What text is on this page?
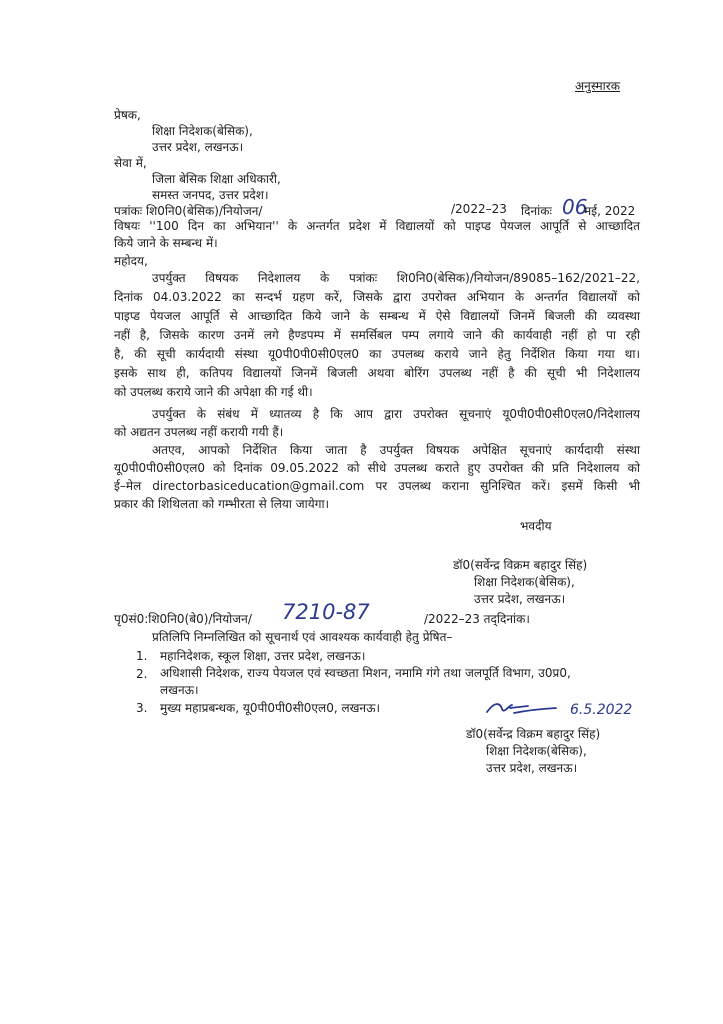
अनुस्मारक
प्रेषक,
शिक्षा निदेशक(बेसिक),
उत्तर प्रदेश, लखनऊ।
सेवा में,
जिला बेसिक शिक्षा अधिकारी,
समस्त जनपद, उत्तर प्रदेश।
पत्रांकः शि0नि0(बेसिक)/नियोजन/	/2022–23 दिनांकः 06
मई, 2022
विषयः ''100 दिन का अभियान'' के अन्तर्गत प्रदेश में विद्यालयों को पाइप्ड पेयजल आपूर्ति से आच्छादित
किये जाने के सम्बन्ध में।
महोदय,
उपर्युक्त विषयक निदेशालय के पत्रांकः शि0नि0(बेसिक)/नियोजन/89085–162/2021–22,
दिनांक 04.03.2022 का सन्दर्भ ग्रहण करें, जिसके द्वारा उपरोक्त अभियान के अन्तर्गत विद्यालयों को
पाइप्ड पेयजल आपूर्ति से आच्छादित किये जाने के सम्बन्ध में ऐसे विद्यालयों जिनमें बिजली की व्यवस्था
नहीं है, जिसके कारण उनमें लगे हैण्डपम्प में समर्सिबल पम्प लगाये जाने की कार्यवाही नहीं हो पा रही
है, की सूची कार्यदायी संस्था यू0पी0पी0सी0एल0 का उपलब्ध कराये जाने हेतु निर्देशित किया गया था।
इसके साथ ही, कतिपय विद्यालयों जिनमें बिजली अथवा बोरिंग उपलब्ध नहीं है की सूची भी निदेशालय
को उपलब्ध कराये जाने की अपेक्षा की गई थी।
उपर्युक्त के संबंध में ध्यातव्य है कि आप द्वारा उपरोक्त सूचनाएं यू0पी0पी0सी0एल0/निदेशालय
को अद्यतन उपलब्ध नहीं करायी गयी हैं।
अतएव, आपको निर्देशित किया जाता है उपर्युक्त विषयक अपेक्षित सूचनाएं कार्यदायी संस्था
यू0पी0पी0सी0एल0 को दिनांक 09.05.2022 को सीधे उपलब्ध कराते हुए उपरोक्त की प्रति निदेशालय को
ई–मेल directorbasiceducation@gmail.com पर उपलब्ध कराना सुनिश्चित करें। इसमें किसी भी
प्रकार की शिथिलता को गम्भीरता से लिया जायेगा।
भवदीय
डॉ0(सर्वेन्द्र विक्रम बहादुर सिंह)
शिक्षा निदेशक(बेसिक),
उत्तर प्रदेश, लखनऊ।
पृ0सं0:शि0नि0(बे0)/नियोजन/ 7210-87	/2022–23 तद्‌दिनांक।
प्रतिलिपि निम्नलिखित को सूचनार्थ एवं आवश्यक कार्यवाही हेतु प्रेषित–
1. महानिदेशक, स्कूल शिक्षा, उत्तर प्रदेश, लखनऊ।
2. अधिशासी निदेशक, राज्य पेयजल एवं स्वच्छता मिशन, नमामि गंगे तथा जलपूर्ति विभाग, उ0प्र0,
लखनऊ।
3. मुख्य महाप्रबन्धक, यू0पी0पी0सी0एल0, लखनऊ।	6.5.2022
डॉ0(सर्वेन्द्र विक्रम बहादुर सिंह)
शिक्षा निदेशक(बेसिक),
उत्तर प्रदेश, लखनऊ।
